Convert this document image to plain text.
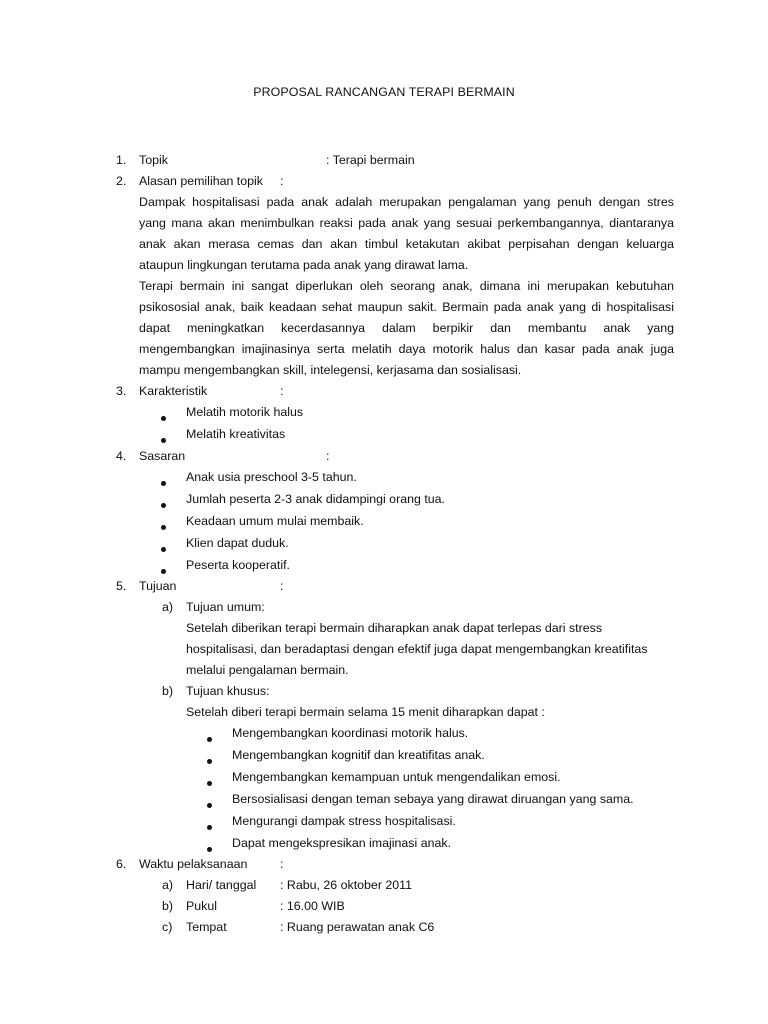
PROPOSAL RANCANGAN TERAPI BERMAIN
1. Topik	: Terapi bermain
2. Alasan pemilihan topik :
Dampak hospitalisasi pada anak adalah merupakan pengalaman yang penuh dengan stres
yang mana akan menimbulkan reaksi pada anak yang sesuai perkembangannya, diantaranya
anak akan merasa cemas dan akan timbul ketakutan akibat perpisahan dengan keluarga
ataupun lingkungan terutama pada anak yang dirawat lama.
Terapi bermain ini sangat diperlukan oleh seorang anak, dimana ini merupakan kebutuhan
psikososial anak, baik keadaan sehat maupun sakit. Bermain pada anak yang di hospitalisasi
dapat meningkatkan kecerdasannya dalam berpikir dan membantu anak yang
mengembangkan imajinasinya serta melatih daya motorik halus dan kasar pada anak juga
mampu mengembangkan skill, intelegensi, kerjasama dan sosialisasi.
3. Karakteristik	:
Melatih motorik halus
Melatih kreativitas
4. Sasaran	:
Anak usia preschool 3-5 tahun.
Jumlah peserta 2-3 anak didampingi orang tua.
Keadaan umum mulai membaik.
Klien dapat duduk.
Peserta kooperatif.
5. Tujuan	:
a) Tujuan umum:
Setelah diberikan terapi bermain diharapkan anak dapat terlepas dari stress
hospitalisasi, dan beradaptasi dengan efektif juga dapat mengembangkan kreatifitas
melalui pengalaman bermain.
b) Tujuan khusus:
Setelah diberi terapi bermain selama 15 menit diharapkan dapat :
Mengembangkan koordinasi motorik halus.
Mengembangkan kognitif dan kreatifitas anak.
Mengembangkan kemampuan untuk mengendalikan emosi.
Bersosialisasi dengan teman sebaya yang dirawat diruangan yang sama.
Mengurangi dampak stress hospitalisasi.
Dapat mengekspresikan imajinasi anak.
6. Waktu pelaksanaan	:
a) Hari/ tanggal : Rabu, 26 oktober 2011
b) Pukul	: 16.00 WIB
c) Tempat	: Ruang perawatan anak C6
